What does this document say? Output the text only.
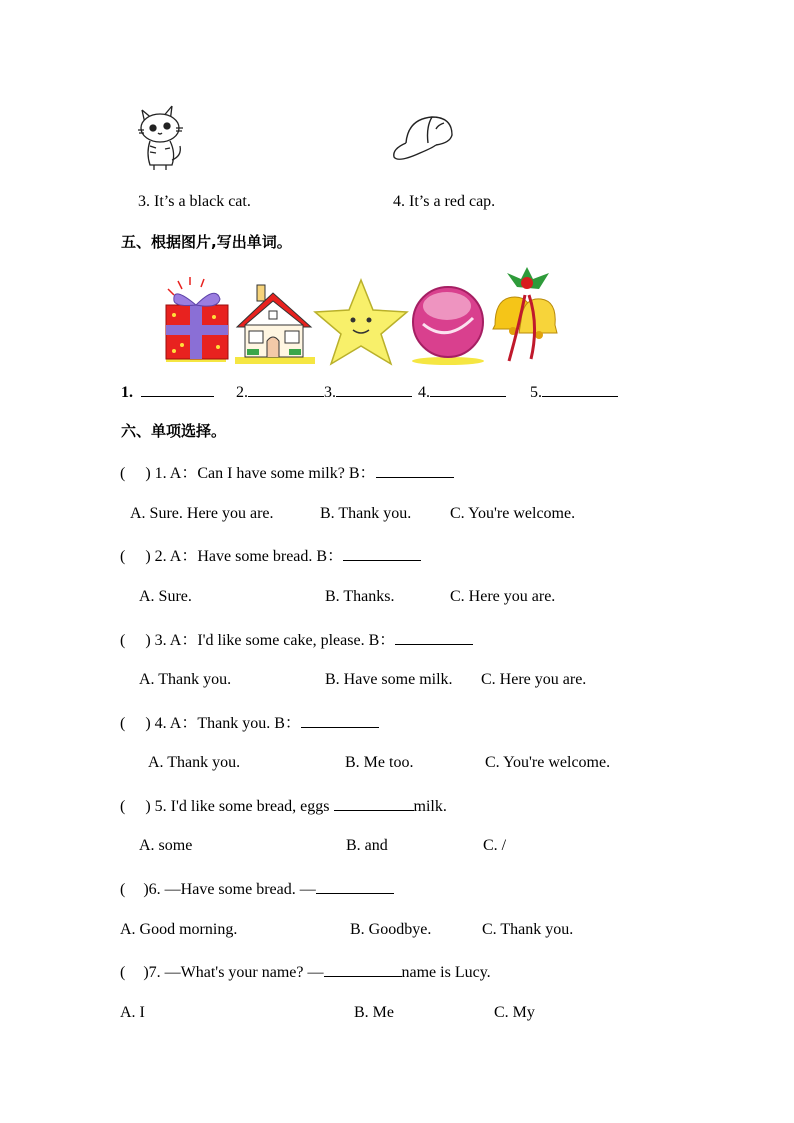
3. It’s a black cat.	4. It’s a red cap.
五、根据图片,写出单词。
1.	2.	3.	4.	5.
六、单项选择。
( ) 1. A：Can I have some milk? B：
A. Sure. Here you are.	B. Thank you. C. You're welcome.
( ) 2. A：Have some bread. B：
A. Sure.	B. Thanks.	C. Here you are.
( ) 3. A：I'd like some cake, please. B：
A. Thank you.	B. Have some milk. C. Here you are.
( ) 4. A：Thank you. B：
A. Thank you.	B. Me too.	C. You're welcome.
( ) 5. I'd like some bread, eggs	milk.
A. some	B. and	C. /
( )6. —Have some bread. —
A. Good morning.	B. Goodbye.	C. Thank you.
( )7. —What's your name? —	name is Lucy.
A. I	B. Me	C. My
